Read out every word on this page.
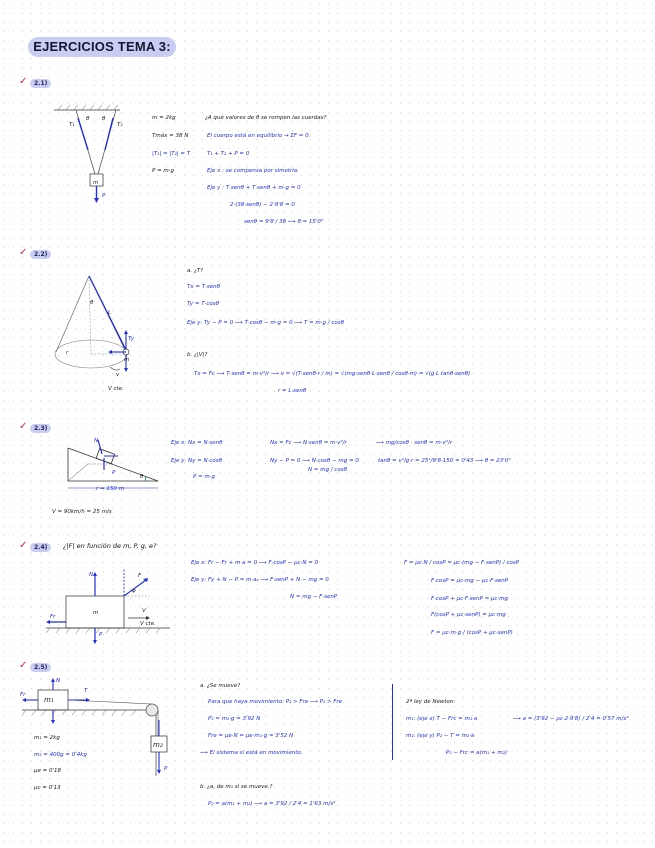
EJERCICIOS TEMA 3:
✓	2.1)
T₁	T₂
θ θ
m
P
m = 2kg
Tmáx = 38 N
|T₁| = |T₂| = T
P = m·g
¿A qué valores de θ se rompen las cuerdas?
El cuerpo está en equilibrio → ΣF = 0.
T₁ + T₂ + P = 0
Eje x : se compensa por simetría.
Eje y : T·senθ + T·senθ + m·g = 0
2·(38·senθ) − 2·9'8 = 0
senθ = 9'8 / 38 ⟶ θ = 15'0°
✓	2.2)
θ
L
r
m
v
V cte.
Ty
a. ¿T?
Tx = T·senθ
Ty = T·cosθ
Eje y: Ty − P = 0 ⟶ T·cosθ − m·g = 0 ⟶ T = m·g / cosθ
b. ¿|V|?
Tx = Fc ⟶ T·senθ = m·v²/r ⟶ v = √(T·senθ·r / m) = √(mg·senθ·L·senθ / cosθ·m) = √(g·L·tanθ·senθ)
r = L·senθ
✓	2.3)
N
P
θ
r = 150 m
V = 90km/h = 25 m/s
Eje x: Nx = N·senθ
Eje y: Ny = N·cosθ
P = m·g
Nx = Fc ⟶ N·senθ = m·v²/r
Ny − P = 0 ⟶ N·cosθ − mg = 0
N = mg / cosθ
⟶ mg/cosθ · senθ = m·v²/r
tanθ = v²/g·r = 25²/9'8·150 = 0'43 ⟶ θ = 23'0°
✓	2.4)	¿|F| en función de m, P, g, e?
N
P
m
F
φ
V
V cte.
Fr
Eje x: Fr − Fr + m·a = 0 ⟶ F·cosP − μc·N = 0
Eje y: Fy + N − P = m·aᵧ ⟶ F·senP + N − mg = 0
N = mg − F·senP
F = μc·N / cosP = μc·(mg − F·senP) / cosP
F·cosP = μc·mg − μc·F·senP
F·cosP + μc·F·senP = μc·mg
F(cosP + μc·senP) = μc·mg
F = μc·m·g / (cosP + μc·senP)
✓	2.5)
m₁
m₂
N
T
Fr
P
m₁ = 2kg
m₂ = 400g = 0'4kg
μe = 0'18
μc = 0'13
a. ¿Se mueve?
Para que haya movimiento: P₂ > Fre ⟶ P₂ > Fre
P₂ = m₂·g = 3'92 N
Fre = μe·N = μe·m₁·g = 3'52 N
⟶ El sistema sí está en movimiento.
b. ¿a, de m₁ si se mueve.?
P₂ = a(m₁ + m₂) ⟶ a = 3'92 / 2'4 = 1'63 m/s²
2ª ley de Newton:
m₁: (eje x) T − Frc = m₁·a
m₂: (eje y) P₂ − T = m₂·a
P₂ − Frc = a(m₁ + m₂)
⟶ a = (3'92 − μc·2·9'8) / 2'4 = 0'57 m/s²
